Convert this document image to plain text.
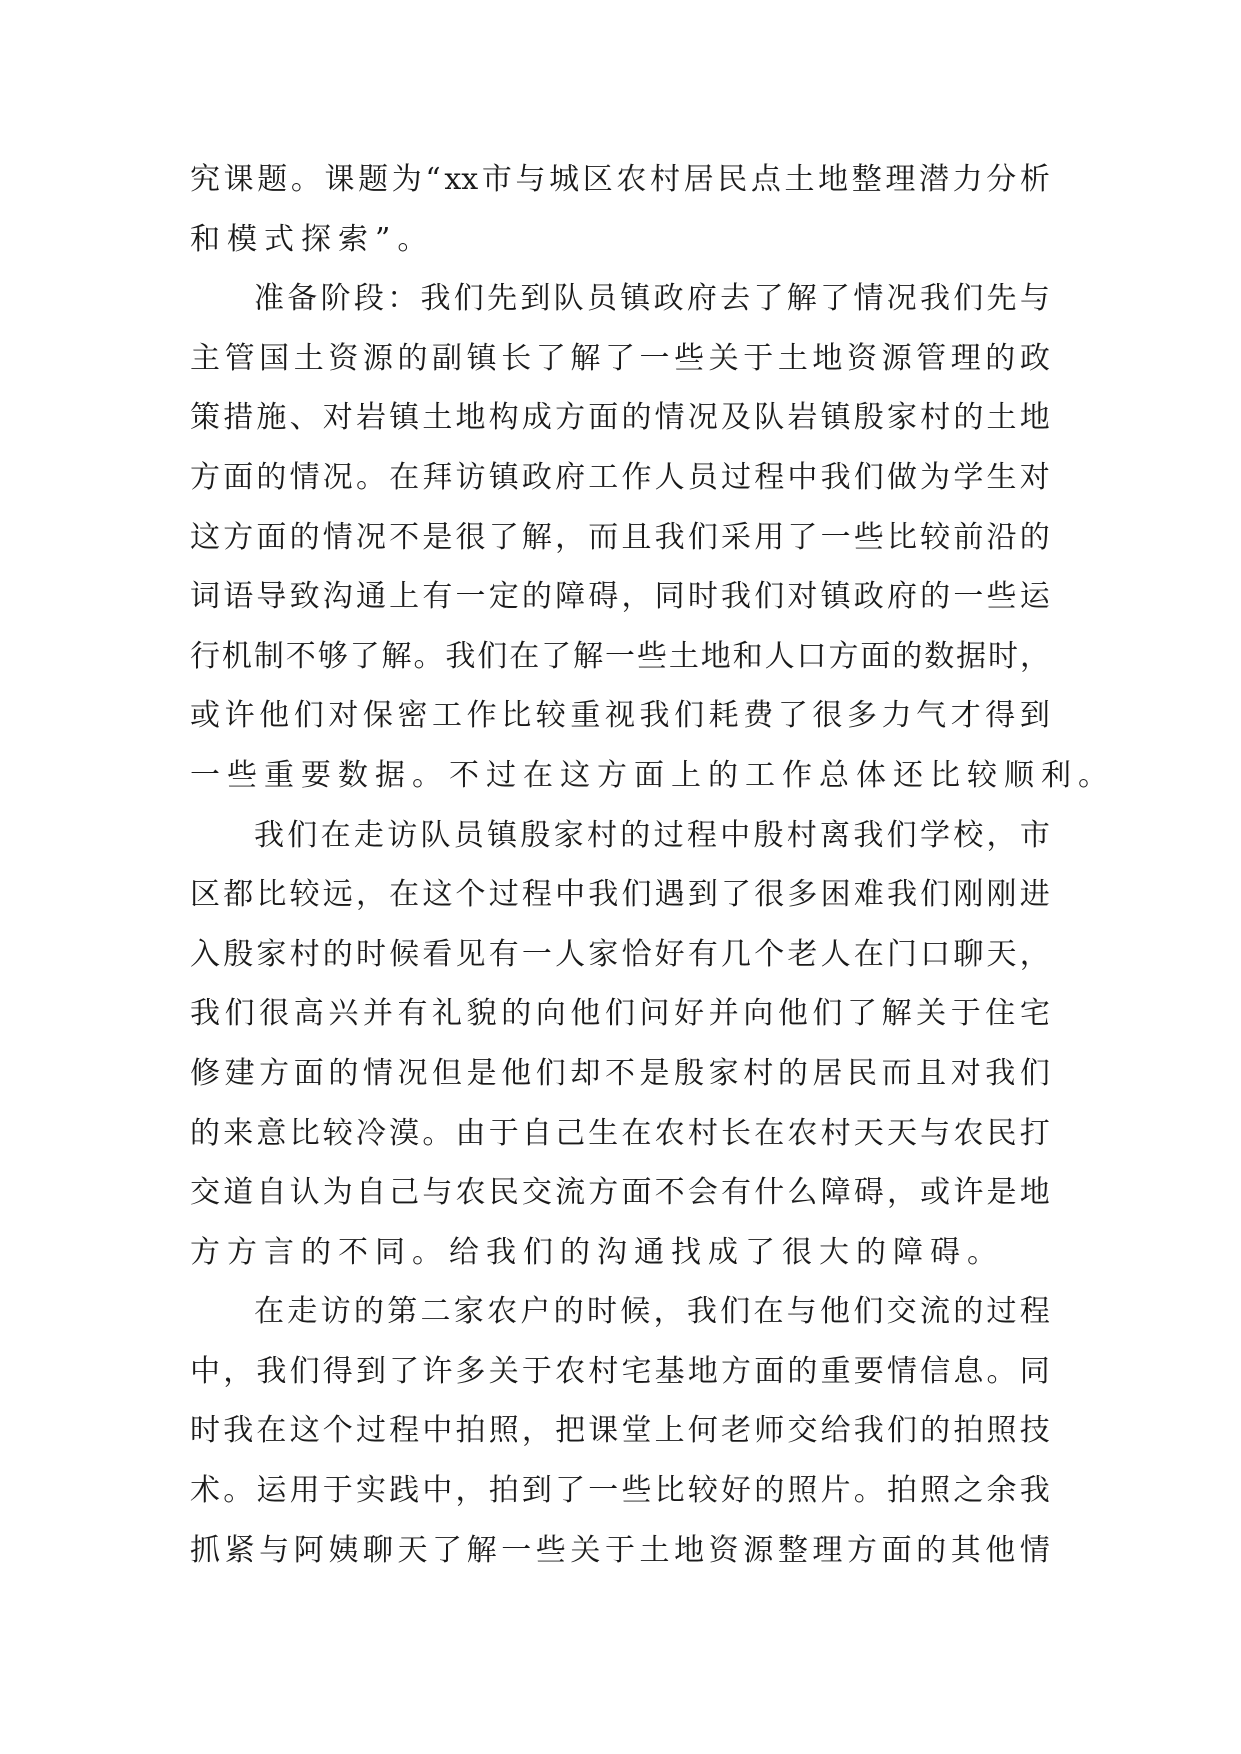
究 课 题 。 课 题 为 “ xx 市 与 城 区 农 村 居 民 点 土 地 整 理 潜 力 分 析
和 模 式 探 索 ” 。
准 备 阶 段 ： 我 们 先 到 队 员 镇 政 府 去 了 解 了 情 况 我 们 先 与
主 管 国 土 资 源 的 副 镇 长 了 解 了 一 些 关 于 土 地 资 源 管 理 的 政
策 措 施 、 对 岩 镇 土 地 构 成 方 面 的 情 况 及 队 岩 镇 殷 家 村 的 土 地
方 面 的 情 况 。 在 拜 访 镇 政 府 工 作 人 员 过 程 中 我 们 做 为 学 生 对
这 方 面 的 情 况 不 是 很 了 解 ， 而 且 我 们 采 用 了 一 些 比 较 前 沿 的
词 语 导 致 沟 通 上 有 一 定 的 障 碍 ， 同 时 我 们 对 镇 政 府 的 一 些 运
行 机 制 不 够 了 解 。 我 们 在 了 解 一 些 土 地 和 人 口 方 面 的 数 据 时 ，
或 许 他 们 对 保 密 工 作 比 较 重 视 我 们 耗 费 了 很 多 力 气 才 得 到
一 些 重 要 数 据 。 不 过 在 这 方 面 上 的 工 作 总 体 还 比 较 顺 利 。
我 们 在 走 访 队 员 镇 殷 家 村 的 过 程 中 殷 村 离 我 们 学 校 ， 市
区 都 比 较 远 ， 在 这 个 过 程 中 我 们 遇 到 了 很 多 困 难 我 们 刚 刚 进
入 殷 家 村 的 时 候 看 见 有 一 人 家 恰 好 有 几 个 老 人 在 门 口 聊 天 ，
我 们 很 高 兴 并 有 礼 貌 的 向 他 们 问 好 并 向 他 们 了 解 关 于 住 宅
修 建 方 面 的 情 况 但 是 他 们 却 不 是 殷 家 村 的 居 民 而 且 对 我 们
的 来 意 比 较 冷 漠 。 由 于 自 己 生 在 农 村 长 在 农 村 天 天 与 农 民 打
交 道 自 认 为 自 己 与 农 民 交 流 方 面 不 会 有 什 么 障 碍 ， 或 许 是 地
方 方 言 的 不 同 。 给 我 们 的 沟 通 找 成 了 很 大 的 障 碍 。
在 走 访 的 第 二 家 农 户 的 时 候 ， 我 们 在 与 他 们 交 流 的 过 程
中 ， 我 们 得 到 了 许 多 关 于 农 村 宅 基 地 方 面 的 重 要 情 信 息 。 同
时 我 在 这 个 过 程 中 拍 照 ， 把 课 堂 上 何 老 师 交 给 我 们 的 拍 照 技
术 。 运 用 于 实 践 中 ， 拍 到 了 一 些 比 较 好 的 照 片 。 拍 照 之 余 我
抓 紧 与 阿 姨 聊 天 了 解 一 些 关 于 土 地 资 源 整 理 方 面 的 其 他 情
